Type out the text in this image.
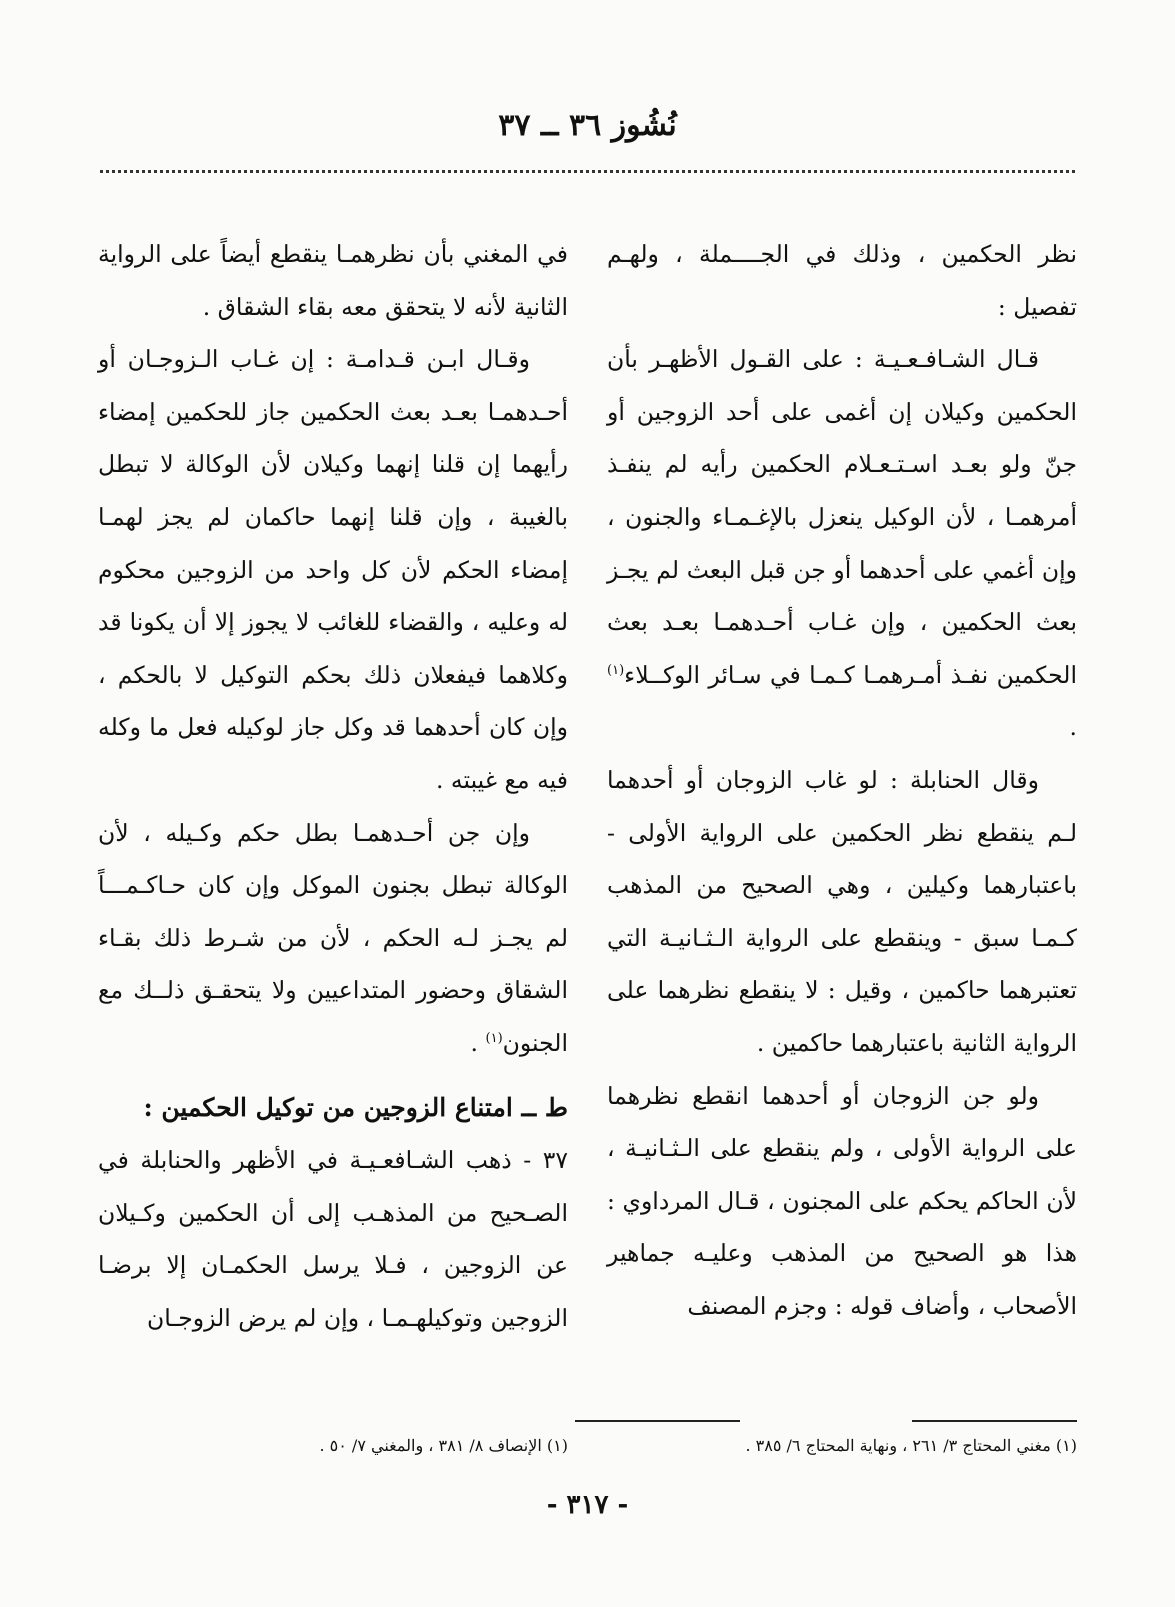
نُشُوز ٣٦ ــ ٣٧

نظر الحكمين ، وذلك في الجــــملة ، ولهـم تفصيل :

قـال الشـافـعـيـة : على القـول الأظهـر بأن الحكمين وكيلان إن أغمى على أحد الزوجين أو جنّ ولو بعـد اسـتـعـلام الحكمين رأيه لم ينفـذ أمرهمـا ، لأن الوكيل ينعزل بالإغـمـاء والجنون ، وإن أغمي على أحدهما أو جن قبل البعث لم يجـز بعث الحكمين ، وإن غـاب أحـدهمـا بعـد بعث الحكمين نفـذ أمـرهمـا كـمـا في سـائر الوكــلاء$^{(١)}$ .

وقال الحنابلة : لو غاب الزوجان أو أحدهما لـم ينقطع نظر الحكمين على الرواية الأولى - باعتبارهما وكيلين ، وهي الصحيح من المذهب كـمـا سبق - وينقطع على الرواية الـثـانيـة التي تعتبرهما حاكمين ، وقيل : لا ينقطع نظرهما على الرواية الثانية باعتبارهما حاكمين .

ولو جن الزوجان أو أحدهما انقطع نظرهما على الرواية الأولى ، ولم ينقطع على الـثـانيـة ، لأن الحاكم يحكم على المجنون ، قـال المرداوي : هذا هو الصحيح من المذهب وعليـه جماهير الأصحاب ، وأضاف قوله : وجزم المصنف

في المغني بأن نظرهمـا ينقطع أيضاً على الرواية الثانية لأنه لا يتحقق معه بقاء الشقاق .

وقـال ابـن قـدامـة : إن غـاب الـزوجـان أو أحـدهمـا بعـد بعث الحكمين جاز للحكمين إمضاء رأيهما إن قلنا إنهما وكيلان لأن الوكالة لا تبطل بالغيبة ، وإن قلنا إنهما حاكمان لم يجز لهمـا إمضاء الحكم لأن كل واحد من الزوجين محكوم له وعليه ، والقضاء للغائب لا يجوز إلا أن يكونا قد وكلاهما فيفعلان ذلك بحكم التوكيل لا بالحكم ، وإن كان أحدهما قد وكل جاز لوكيله فعل ما وكله فيه مع غيبته .

وإن جن أحـدهمـا بطل حكم وكـيله ، لأن الوكالة تبطل بجنون الموكل وإن كان حـاكـمـــاً لم يجـز لـه الحكم ، لأن من شـرط ذلك بقـاء الشقاق وحضور المتداعيين ولا يتحقـق ذلــك مع الجنون$^{(١)}$ .

ط ــ امتناع الزوجين من توكيل الحكمين :

٣٧ - ذهب الشـافعـيـة في الأظهر والحنابلة في الصـحيح من المذهـب إلى أن الحكمين وكـيلان عن الزوجين ، فـلا يرسل الحكمـان إلا برضـا الزوجين وتوكيلهـمـا ، وإن لم يرض الزوجـان

(١) مغني المحتاج ٣/ ٢٦١ ، ونهاية المحتاج ٦/ ٣٨٥ .
(١) الإنصاف ٨/ ٣٨١ ، والمغني ٧/ ٥٠ .
- ٣١٧ -
